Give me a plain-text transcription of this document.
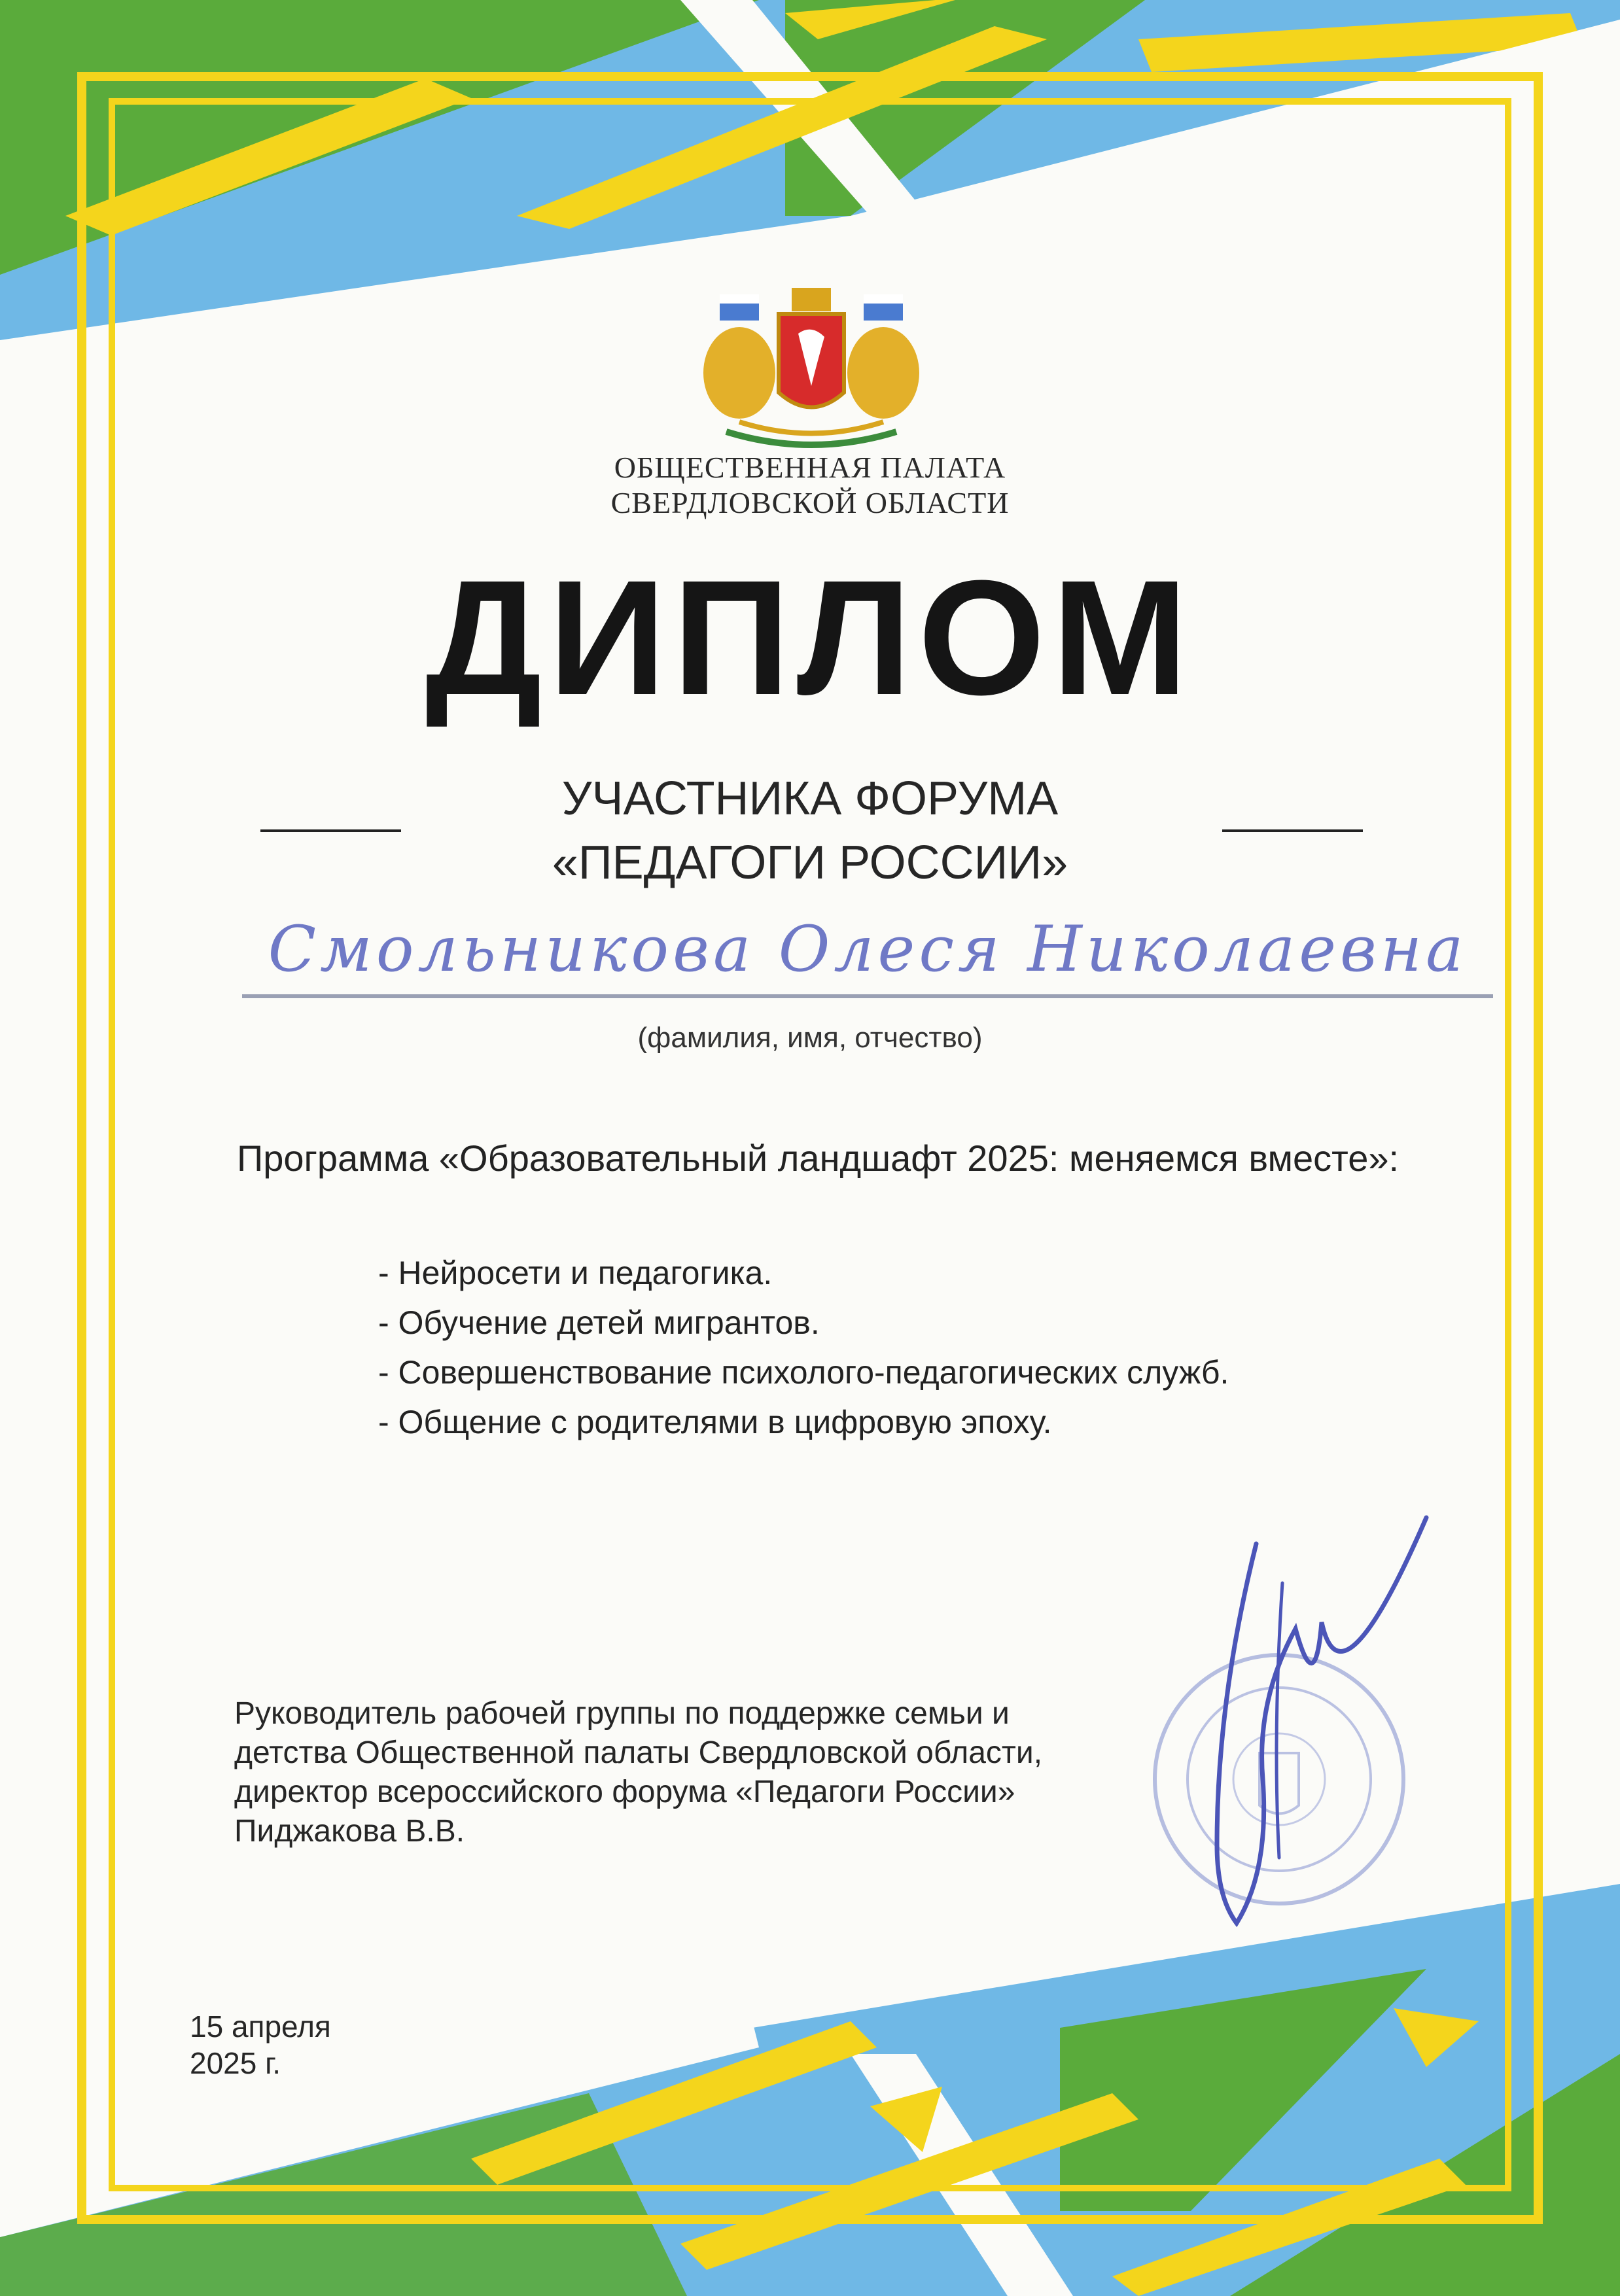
ОБЩЕСТВЕННАЯ ПАЛАТА
СВЕРДЛОВСКОЙ ОБЛАСТИ
ДИПЛОМ
УЧАСТНИКА ФОРУМА
«ПЕДАГОГИ РОССИИ»
Смольникова Олеся Николаевна
(фамилия, имя, отчество)
Программа «Образовательный ландшафт 2025: меняемся вместе»:
- Нейросети и педагогика.
- Обучение детей мигрантов.
- Совершенствование психолого-педагогических служб.
- Общение с родителями в цифровую эпоху.
Руководитель рабочей группы по поддержке семьи и
детства Общественной палаты Свердловской области,
директор всероссийского форума «Педагоги России»
Пиджакова В.В.
15 апреля
2025 г.
